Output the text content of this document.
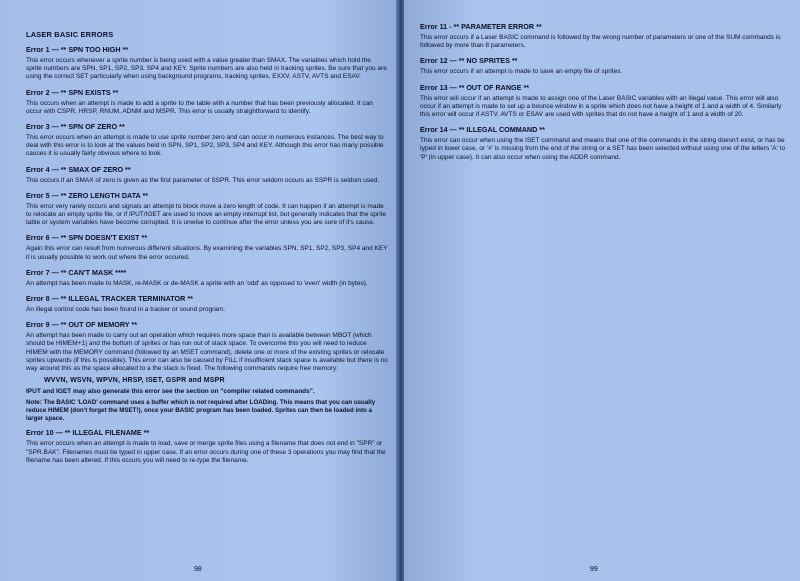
LASER BASIC ERRORS
Error 1 — ** SPN TOO HIGH **

This error occurs whenever a sprite number is being used with a value greater than SMAX. The variables which hold the sprite numbers are SPN, SP1, SP2, SP3, SP4 and KEY. Sprite numbers are also held in tracking sprites. Be sure that you are using the correct SET particularly when using background programs, tracking sprites, EXXV, ASTV, AVTS and ESAV.

Error 2 — ** SPN EXISTS **

This occurs when an attempt is made to add a sprite to the table with a number that has been previously allocated. It can occur with CSPR, HRSP, RNUM, ADNM and MSPR. This error is usually straightforward to identify.

Error 3 — ** SPN OF ZERO **

This error occurs when an attempt is made to use sprite number zero and can occur in numerous instances. The best way to deal with this error is to look at the values held in SPN, SP1, SP2, SP3, SP4 and KEY. Although this error has many possible causes it is usually fairly obvious where to look.

Error 4 — ** SMAX OF ZERO **

This occurs if an SMAX of zero is given as the first parameter of SSPR. This error seldom occurs as SSPR is seldom used.

Error 5 — ** ZERO LENGTH DATA **

This error very rarely occurs and signals an attempt to block move a zero length of code. It can happen if an attempt is made to relocate an empty sprite file, or if IPUT/IGET are used to move an empty interrupt list, but generally indicates that the sprite table or system variables have become corrupted. It is unwise to continue after the error unless you are sure of it's cause.

Error 6 — ** SPN DOESN'T EXIST **

Again this error can result from numerous different situations. By examining the variables SPN, SP1, SP2, SP3, SP4 and KEY it is usually possible to work out where the error occured.

Error 7 — ** CAN'T MASK ****

An attempt has been made to MASK, re-MASK or de-MASK a sprite with an 'odd' as opposed to 'even' width (in bytes).

Error 8 — ** ILLEGAL TRACKER TERMINATOR **

An illegal control code has been found in a tracker or sound program.

Error 9 — ** OUT OF MEMORY **

An attempt has been made to carry out an operation which requires more space than is available between MBOT (which should be HIMEM+1) and the bottom of sprites or has run out of stack space. To overcome this you will need to reduce HIMEM with the MEMORY command (followed by an MSET command), delete one or more of the existing sprites or relocate sprites upwards (if this is possible). This error can also be caused by FILL if insufficient stack space is available but there is no way around this as the space allocated to a the stack is fixed. The following commands require free memory:

WVVN, WSVN, WPVN, HRSP, ISET, GSPR and MSPR

IPUT and IGET may also generate this error see the section on "compiler related commands".

Note: The BASIC 'LOAD' command uses a buffer which is not required after LOADing. This means that you can usually reduce HIMEM (don't forget the MSET!), once your BASIC program has been loaded. Sprites can then be loaded into a larger space.

Error 10 — ** ILLEGAL FILENAME **

This error occurs when an attempt is made to load, save or merge sprite files using a filename that does not end in "SPR" or "SPR.BAK". Filenames must be typed in upper case. If an error occurs during one of these 3 operations you may find that the filename has been altered. If this occurs you will need to re-type the filename.

98
Error 11 - ** PARAMETER ERROR **

This error occurs if a Laser BASIC command is followed by the wrong number of parameters or one of the SUM commands is followed by more than 8 parameters.

Error 12 — ** NO SPRITES **

This error occurs if an attempt is made to save an empty file of sprites.

Error 13 — ** OUT OF RANGE **

This error will occur if an attempt is made to assign one of the Laser BASIC variables with an illegal value. This error will also occur if an attempt is made to set up a bounce window in a sprite which does not have a height of 1 and a width of 4. Similarly this error will occur if ASTV, AVTS or ESAV are used with sprites that do not have a height of 1 and a width of 20.

Error 14 — ** ILLEGAL COMMAND **

This error can occur when using the ISET command and means that one of the commands in the string doesn't exist, or has be typed in lower case, or '#' is missing from the end of the string or a SET has been selected without using one of the letters 'A' to 'P' (in upper case). It can also occur when using the ADDR command.

99
